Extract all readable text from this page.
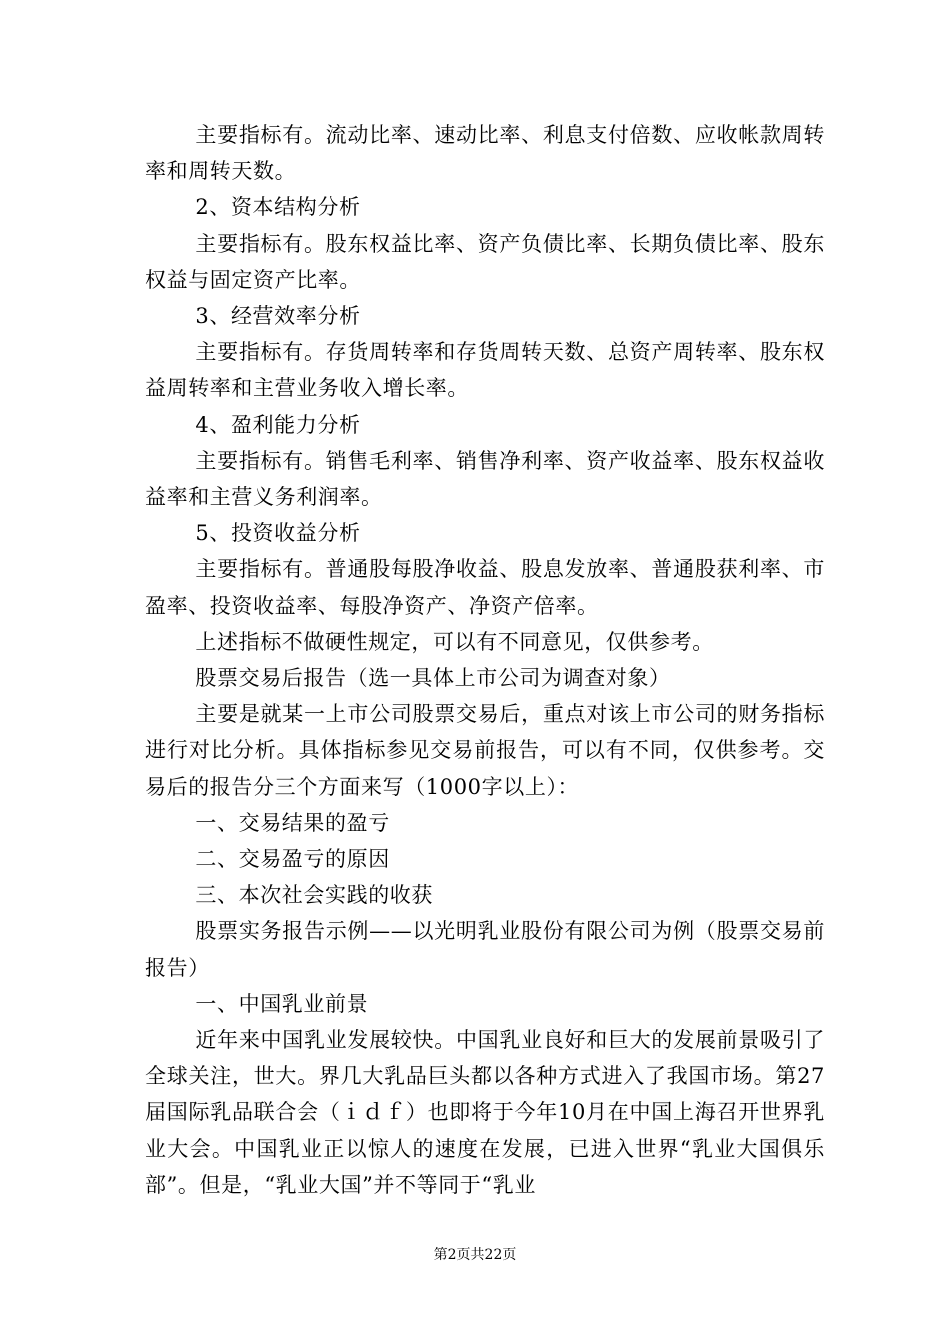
主要指标有。流动比率、速动比率、利息支付倍数、应收帐款周转率和周转天数。

2、资本结构分析

主要指标有。股东权益比率、资产负债比率、长期负债比率、股东权益与固定资产比率。

3、经营效率分析

主要指标有。存货周转率和存货周转天数、总资产周转率、股东权益周转率和主营业务收入增长率。

4、盈利能力分析

主要指标有。销售毛利率、销售净利率、资产收益率、股东权益收益率和主营义务利润率。

5、投资收益分析

主要指标有。普通股每股净收益、股息发放率、普通股获利率、市盈率、投资收益率、每股净资产、净资产倍率。

上述指标不做硬性规定，可以有不同意见，仅供参考。

股票交易后报告（选一具体上市公司为调查对象）

主要是就某一上市公司股票交易后，重点对该上市公司的财务指标进行对比分析。具体指标参见交易前报告，可以有不同，仅供参考。交易后的报告分三个方面来写（1000字以上）：

一、交易结果的盈亏

二、交易盈亏的原因

三、本次社会实践的收获

股票实务报告示例——以光明乳业股份有限公司为例（股票交易前报告）

一、中国乳业前景

近年来中国乳业发展较快。中国乳业良好和巨大的发展前景吸引了全球关注，世大。界几大乳品巨头都以各种方式进入了我国市场。第27届国际乳品联合会（ｉｄｆ）也即将于今年10月在中国上海召开世界乳业大会。中国乳业正以惊人的速度在发展，已进入世界“乳业大国俱乐部”。但是，“乳业大国”并不等同于“乳业

第2页共22页
